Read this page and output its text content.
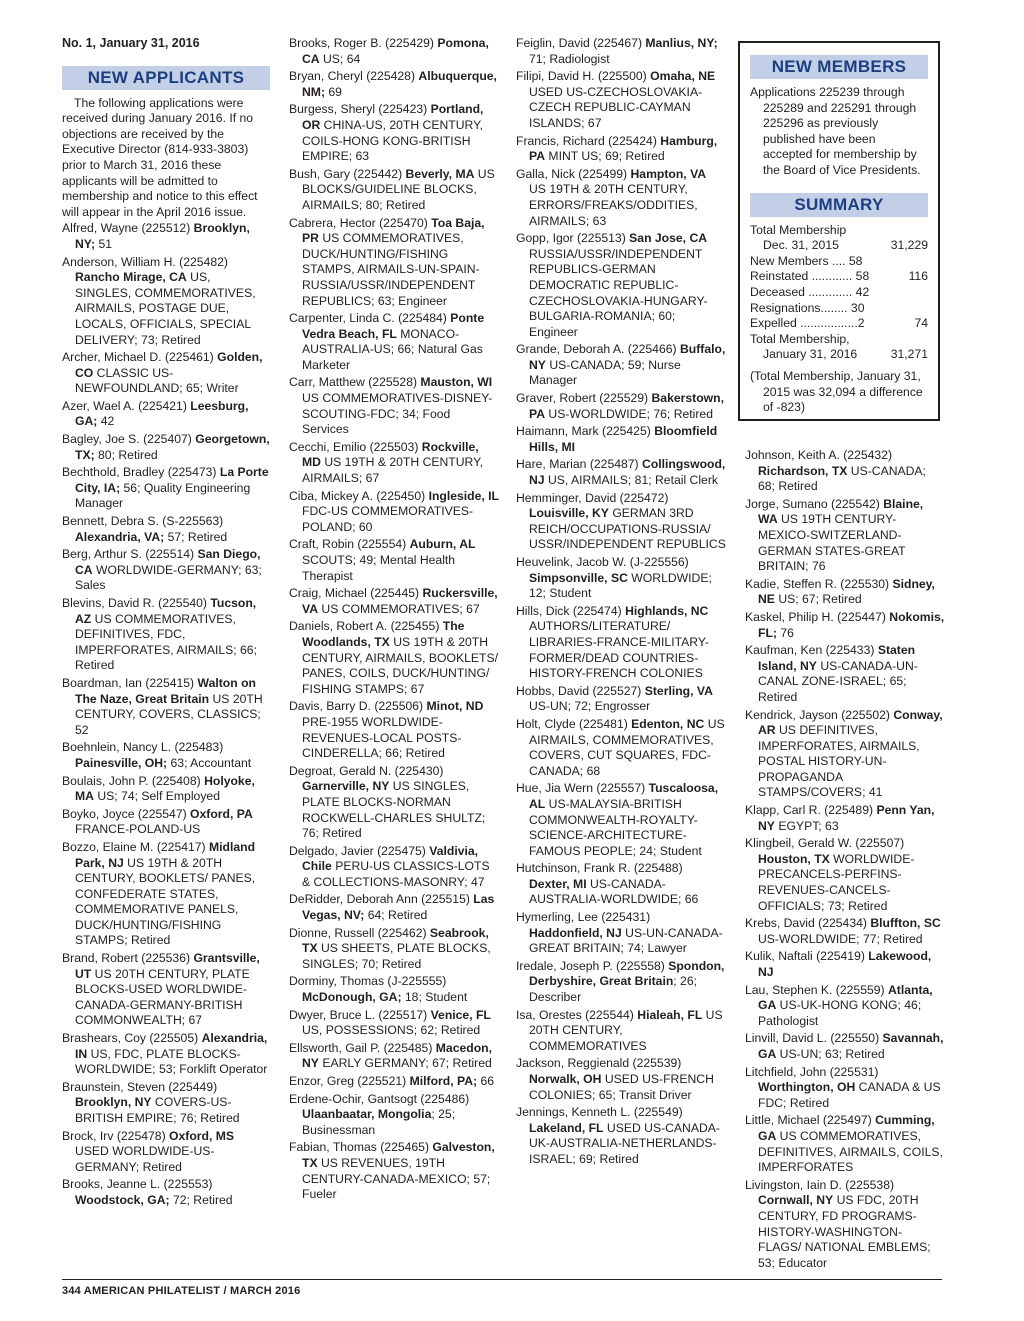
No. 1, January 31, 2016

NEW APPLICANTS

The following applications were received during January 2016. If no objections are received by the Executive Director (814-933-3803) prior to March 31, 2016 these applicants will be admitted to membership and notice to this effect will appear in the April 2016 issue.

Alfred, Wayne (225512) Brooklyn, NY; 51

Anderson, William H. (225482) Rancho Mirage, CA US, SINGLES, COMMEMORATIVES, AIRMAILS, POSTAGE DUE, LOCALS, OFFICIALS, SPECIAL DELIVERY; 73; Retired

Archer, Michael D. (225461) Golden, CO CLASSIC US-NEWFOUNDLAND; 65; Writer

Azer, Wael A. (225421) Leesburg, GA; 42

Bagley, Joe S. (225407) Georgetown, TX; 80; Retired

Bechthold, Bradley (225473) La Porte City, IA; 56; Quality Engineering Manager

Bennett, Debra S. (S-225563) Alexandria, VA; 57; Retired

Berg, Arthur S. (225514) San Diego, CA WORLDWIDE-GERMANY; 63; Sales

Blevins, David R. (225540) Tucson, AZ US COMMEMORATIVES, DEFINITIVES, FDC, IMPERFORATES, AIRMAILS; 66; Retired

Boardman, Ian (225415) Walton on The Naze, Great Britain US 20TH CENTURY, COVERS, CLASSICS; 52

Boehnlein, Nancy L. (225483) Painesville, OH; 63; Accountant

Boulais, John P. (225408) Holyoke, MA US; 74; Self Employed

Boyko, Joyce (225547) Oxford, PA FRANCE-POLAND-US

Bozzo, Elaine M. (225417) Midland Park, NJ US 19TH & 20TH CENTURY, BOOKLETS/ PANES, CONFEDERATE STATES, COMMEMORATIVE PANELS, DUCK/HUNTING/FISHING STAMPS; Retired

Brand, Robert (225536) Grantsville, UT US 20TH CENTURY, PLATE BLOCKS-USED WORLDWIDE-CANADA-GERMANY-BRITISH COMMONWEALTH; 67

Brashears, Coy (225505) Alexandria, IN US, FDC, PLATE BLOCKS-WORLDWIDE; 53; Forklift Operator

Braunstein, Steven (225449) Brooklyn, NY COVERS-US-BRITISH EMPIRE; 76; Retired

Brock, Irv (225478) Oxford, MS USED WORLDWIDE-US-GERMANY; Retired

Brooks, Jeanne L. (225553) Woodstock, GA; 72; Retired

Brooks, Roger B. (225429) Pomona, CA US; 64

Bryan, Cheryl (225428) Albuquerque, NM; 69

Burgess, Sheryl (225423) Portland, OR CHINA-US, 20TH CENTURY, COILS-HONG KONG-BRITISH EMPIRE; 63

Bush, Gary (225442) Beverly, MA US BLOCKS/GUIDELINE BLOCKS, AIRMAILS; 80; Retired

Cabrera, Hector (225470) Toa Baja, PR US COMMEMORATIVES, DUCK/HUNTING/FISHING STAMPS, AIRMAILS-UN-SPAIN-RUSSIA/USSR/INDEPENDENT REPUBLICS; 63; Engineer

Carpenter, Linda C. (225484) Ponte Vedra Beach, FL MONACO-AUSTRALIA-US; 66; Natural Gas Marketer

Carr, Matthew (225528) Mauston, WI US COMMEMORATIVES-DISNEY-SCOUTING-FDC; 34; Food Services

Cecchi, Emilio (225503) Rockville, MD US 19TH & 20TH CENTURY, AIRMAILS; 67

Ciba, Mickey A. (225450) Ingleside, IL FDC-US COMMEMORATIVES-POLAND; 60

Craft, Robin (225554) Auburn, AL SCOUTS; 49; Mental Health Therapist

Craig, Michael (225445) Ruckersville, VA US COMMEMORATIVES; 67

Daniels, Robert A. (225455) The Woodlands, TX US 19TH & 20TH CENTURY, AIRMAILS, BOOKLETS/ PANES, COILS, DUCK/HUNTING/ FISHING STAMPS; 67

Davis, Barry D. (225506) Minot, ND PRE-1955 WORLDWIDE-REVENUES-LOCAL POSTS-CINDERELLA; 66; Retired

Degroat, Gerald N. (225430) Garnerville, NY US SINGLES, PLATE BLOCKS-NORMAN ROCKWELL-CHARLES SHULTZ; 76; Retired

Delgado, Javier (225475) Valdivia, Chile PERU-US CLASSICS-LOTS & COLLECTIONS-MASONRY; 47

DeRidder, Deborah Ann (225515) Las Vegas, NV; 64; Retired

Dionne, Russell (225462) Seabrook, TX US SHEETS, PLATE BLOCKS, SINGLES; 70; Retired

Dorminy, Thomas (J-225555) McDonough, GA; 18; Student

Dwyer, Bruce L. (225517) Venice, FL US, POSSESSIONS; 62; Retired

Ellsworth, Gail P. (225485) Macedon, NY EARLY GERMANY; 67; Retired

Enzor, Greg (225521) Milford, PA; 66

Erdene-Ochir, Gantsogt (225486) Ulaanbaatar, Mongolia; 25; Businessman

Fabian, Thomas (225465) Galveston, TX US REVENUES, 19TH CENTURY-CANADA-MEXICO; 57; Fueler

Feiglin, David (225467) Manlius, NY; 71; Radiologist

Filipi, David H. (225500) Omaha, NE USED US-CZECHOSLOVAKIA-CZECH REPUBLIC-CAYMAN ISLANDS; 67

Francis, Richard (225424) Hamburg, PA MINT US; 69; Retired

Galla, Nick (225499) Hampton, VA US 19TH & 20TH CENTURY, ERRORS/FREAKS/ODDITIES, AIRMAILS; 63

Gopp, Igor (225513) San Jose, CA RUSSIA/USSR/INDEPENDENT REPUBLICS-GERMAN DEMOCRATIC REPUBLIC-CZECHOSLOVAKIA-HUNGARY-BULGARIA-ROMANIA; 60; Engineer

Grande, Deborah A. (225466) Buffalo, NY US-CANADA; 59; Nurse Manager

Graver, Robert (225529) Bakerstown, PA US-WORLDWIDE; 76; Retired

Haimann, Mark (225425) Bloomfield Hills, MI

Hare, Marian (225487) Collingswood, NJ US, AIRMAILS; 81; Retail Clerk

Hemminger, David (225472) Louisville, KY GERMAN 3RD REICH/OCCUPATIONS-RUSSIA/ USSR/INDEPENDENT REPUBLICS

Heuvelink, Jacob W. (J-225556) Simpsonville, SC WORLDWIDE; 12; Student

Hills, Dick (225474) Highlands, NC AUTHORS/LITERATURE/ LIBRARIES-FRANCE-MILITARY-FORMER/DEAD COUNTRIES-HISTORY-FRENCH COLONIES

Hobbs, David (225527) Sterling, VA US-UN; 72; Engrosser

Holt, Clyde (225481) Edenton, NC US AIRMAILS, COMMEMORATIVES, COVERS, CUT SQUARES, FDC-CANADA; 68

Hue, Jia Wern (225557) Tuscaloosa, AL US-MALAYSIA-BRITISH COMMONWEALTH-ROYALTY-SCIENCE-ARCHITECTURE-FAMOUS PEOPLE; 24; Student

Hutchinson, Frank R. (225488) Dexter, MI US-CANADA-AUSTRALIA-WORLDWIDE; 66

Hymerling, Lee (225431) Haddonfield, NJ US-UN-CANADA-GREAT BRITAIN; 74; Lawyer

Iredale, Joseph P. (225558) Spondon, Derbyshire, Great Britain; 26; Describer

Isa, Orestes (225544) Hialeah, FL US 20TH CENTURY, COMMEMORATIVES

Jackson, Reggienald (225539) Norwalk, OH USED US-FRENCH COLONIES; 65; Transit Driver

Jennings, Kenneth L. (225549) Lakeland, FL USED US-CANADA-UK-AUSTRALIA-NETHERLANDS-ISRAEL; 69; Retired

NEW MEMBERS

Applications 225239 through 225289 and 225291 through 225296 as previously published have been accepted for membership by the Board of Vice Presidents.

SUMMARY
Total Membership
Dec. 31, 2015	31,229
New Members .... 58
Reinstated ............ 58	116
Deceased ............. 42
Resignations........ 30
Expelled .................2	74
Total Membership,
January 31, 2016	31,271

(Total Membership, January 31, 2015 was 32,094 a difference of -823)

Johnson, Keith A. (225432) Richardson, TX US-CANADA; 68; Retired

Jorge, Sumano (225542) Blaine, WA US 19TH CENTURY-MEXICO-SWITZERLAND-GERMAN STATES-GREAT BRITAIN; 76

Kadie, Steffen R. (225530) Sidney, NE US; 67; Retired

Kaskel, Philip H. (225447) Nokomis, FL; 76

Kaufman, Ken (225433) Staten Island, NY US-CANADA-UN-CANAL ZONE-ISRAEL; 65; Retired

Kendrick, Jayson (225502) Conway, AR US DEFINITIVES, IMPERFORATES, AIRMAILS, POSTAL HISTORY-UN-PROPAGANDA STAMPS/COVERS; 41

Klapp, Carl R. (225489) Penn Yan, NY EGYPT; 63

Klingbeil, Gerald W. (225507) Houston, TX WORLDWIDE-PRECANCELS-PERFINS-REVENUES-CANCELS-OFFICIALS; 73; Retired

Krebs, David (225434) Bluffton, SC US-WORLDWIDE; 77; Retired

Kulik, Naftali (225419) Lakewood, NJ

Lau, Stephen K. (225559) Atlanta, GA US-UK-HONG KONG; 46; Pathologist

Linvill, David L. (225550) Savannah, GA US-UN; 63; Retired

Litchfield, John (225531) Worthington, OH CANADA & US FDC; Retired

Little, Michael (225497) Cumming, GA US COMMEMORATIVES, DEFINITIVES, AIRMAILS, COILS, IMPERFORATES

Livingston, Iain D. (225538) Cornwall, NY US FDC, 20TH CENTURY, FD PROGRAMS-HISTORY-WASHINGTON-FLAGS/ NATIONAL EMBLEMS; 53; Educator

344 AMERICAN PHILATELIST / MARCH 2016
